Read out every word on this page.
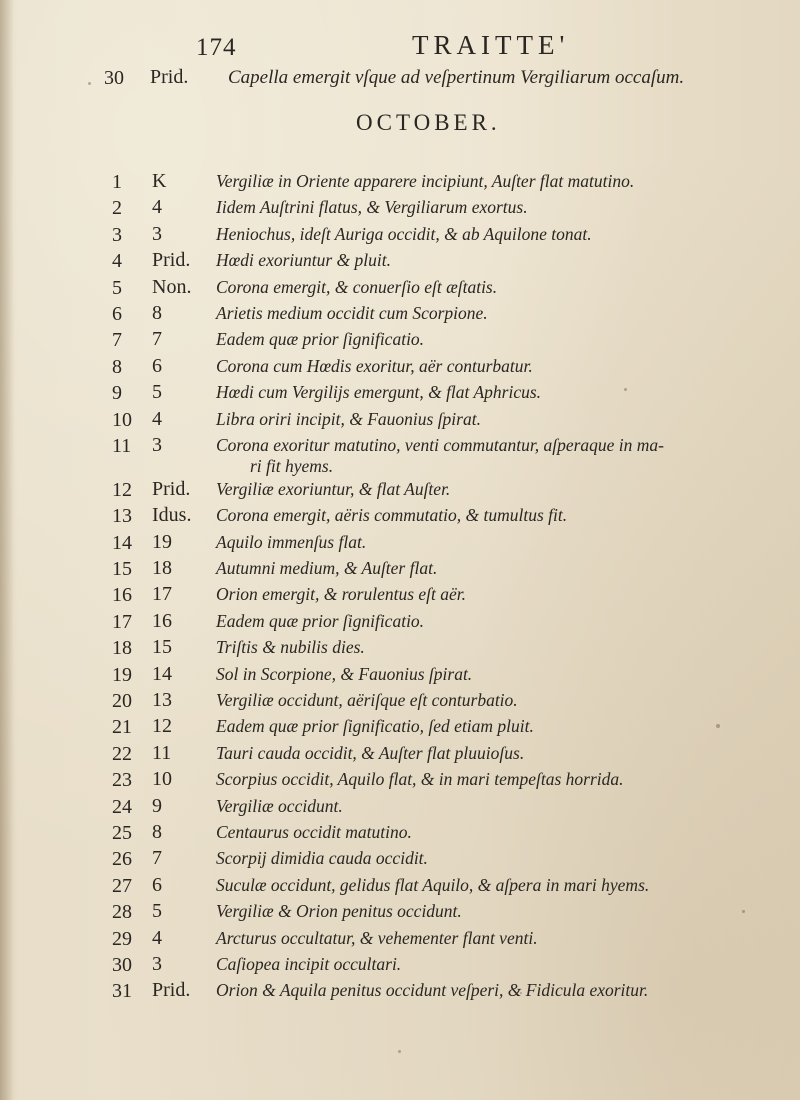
174	TRAITTE'
30	Prid.	Capella emergit vſque ad veſpertinum Vergiliarum occaſum.
OCTOBER.
1	K	Vergiliæ in Oriente apparere incipiunt, Auſter flat matutino.
2	4	Iidem Auſtrini flatus, & Vergiliarum exortus.
3	3	Heniochus, ideſt Auriga occidit, & ab Aquilone tonat.
4	Prid.	Hœdi exoriuntur & pluit.
5	Non.	Corona emergit, & conuerſio eſt æſtatis.
6	8	Arietis medium occidit cum Scorpione.
7	7	Eadem quæ prior ſignificatio.
8	6	Corona cum Hœdis exoritur, aër conturbatur.
9	5	Hœdi cum Vergilijs emergunt, & flat Aphricus.
10	4	Libra oriri incipit, & Fauonius ſpirat.
11	3	Corona exoritur matutino, venti commutantur, aſperaque in ma-
ri fit hyems.
12	Prid.	Vergiliæ exoriuntur, & flat Auſter.
13	Idus.	Corona emergit, aëris commutatio, & tumultus fit.
14	19	Aquilo immenſus flat.
15	18	Autumni medium, & Auſter flat.
16	17	Orion emergit, & rorulentus eſt aër.
17	16	Eadem quæ prior ſignificatio.
18	15	Triſtis & nubilis dies.
19	14	Sol in Scorpione, & Fauonius ſpirat.
20	13	Vergiliæ occidunt, aëriſque eſt conturbatio.
21	12	Eadem quæ prior ſignificatio, ſed etiam pluit.
22	11	Tauri cauda occidit, & Auſter flat pluuioſus.
23	10	Scorpius occidit, Aquilo flat, & in mari tempeſtas horrida.
24	9	Vergiliæ occidunt.
25	8	Centaurus occidit matutino.
26	7	Scorpij dimidia cauda occidit.
27	6	Suculæ occidunt, gelidus flat Aquilo, & aſpera in mari hyems.
28	5	Vergiliæ & Orion penitus occidunt.
29	4	Arcturus occultatur, & vehementer flant venti.
30	3	Caſiopea incipit occultari.
31	Prid.	Orion & Aquila penitus occidunt veſperi, & Fidicula exoritur.
